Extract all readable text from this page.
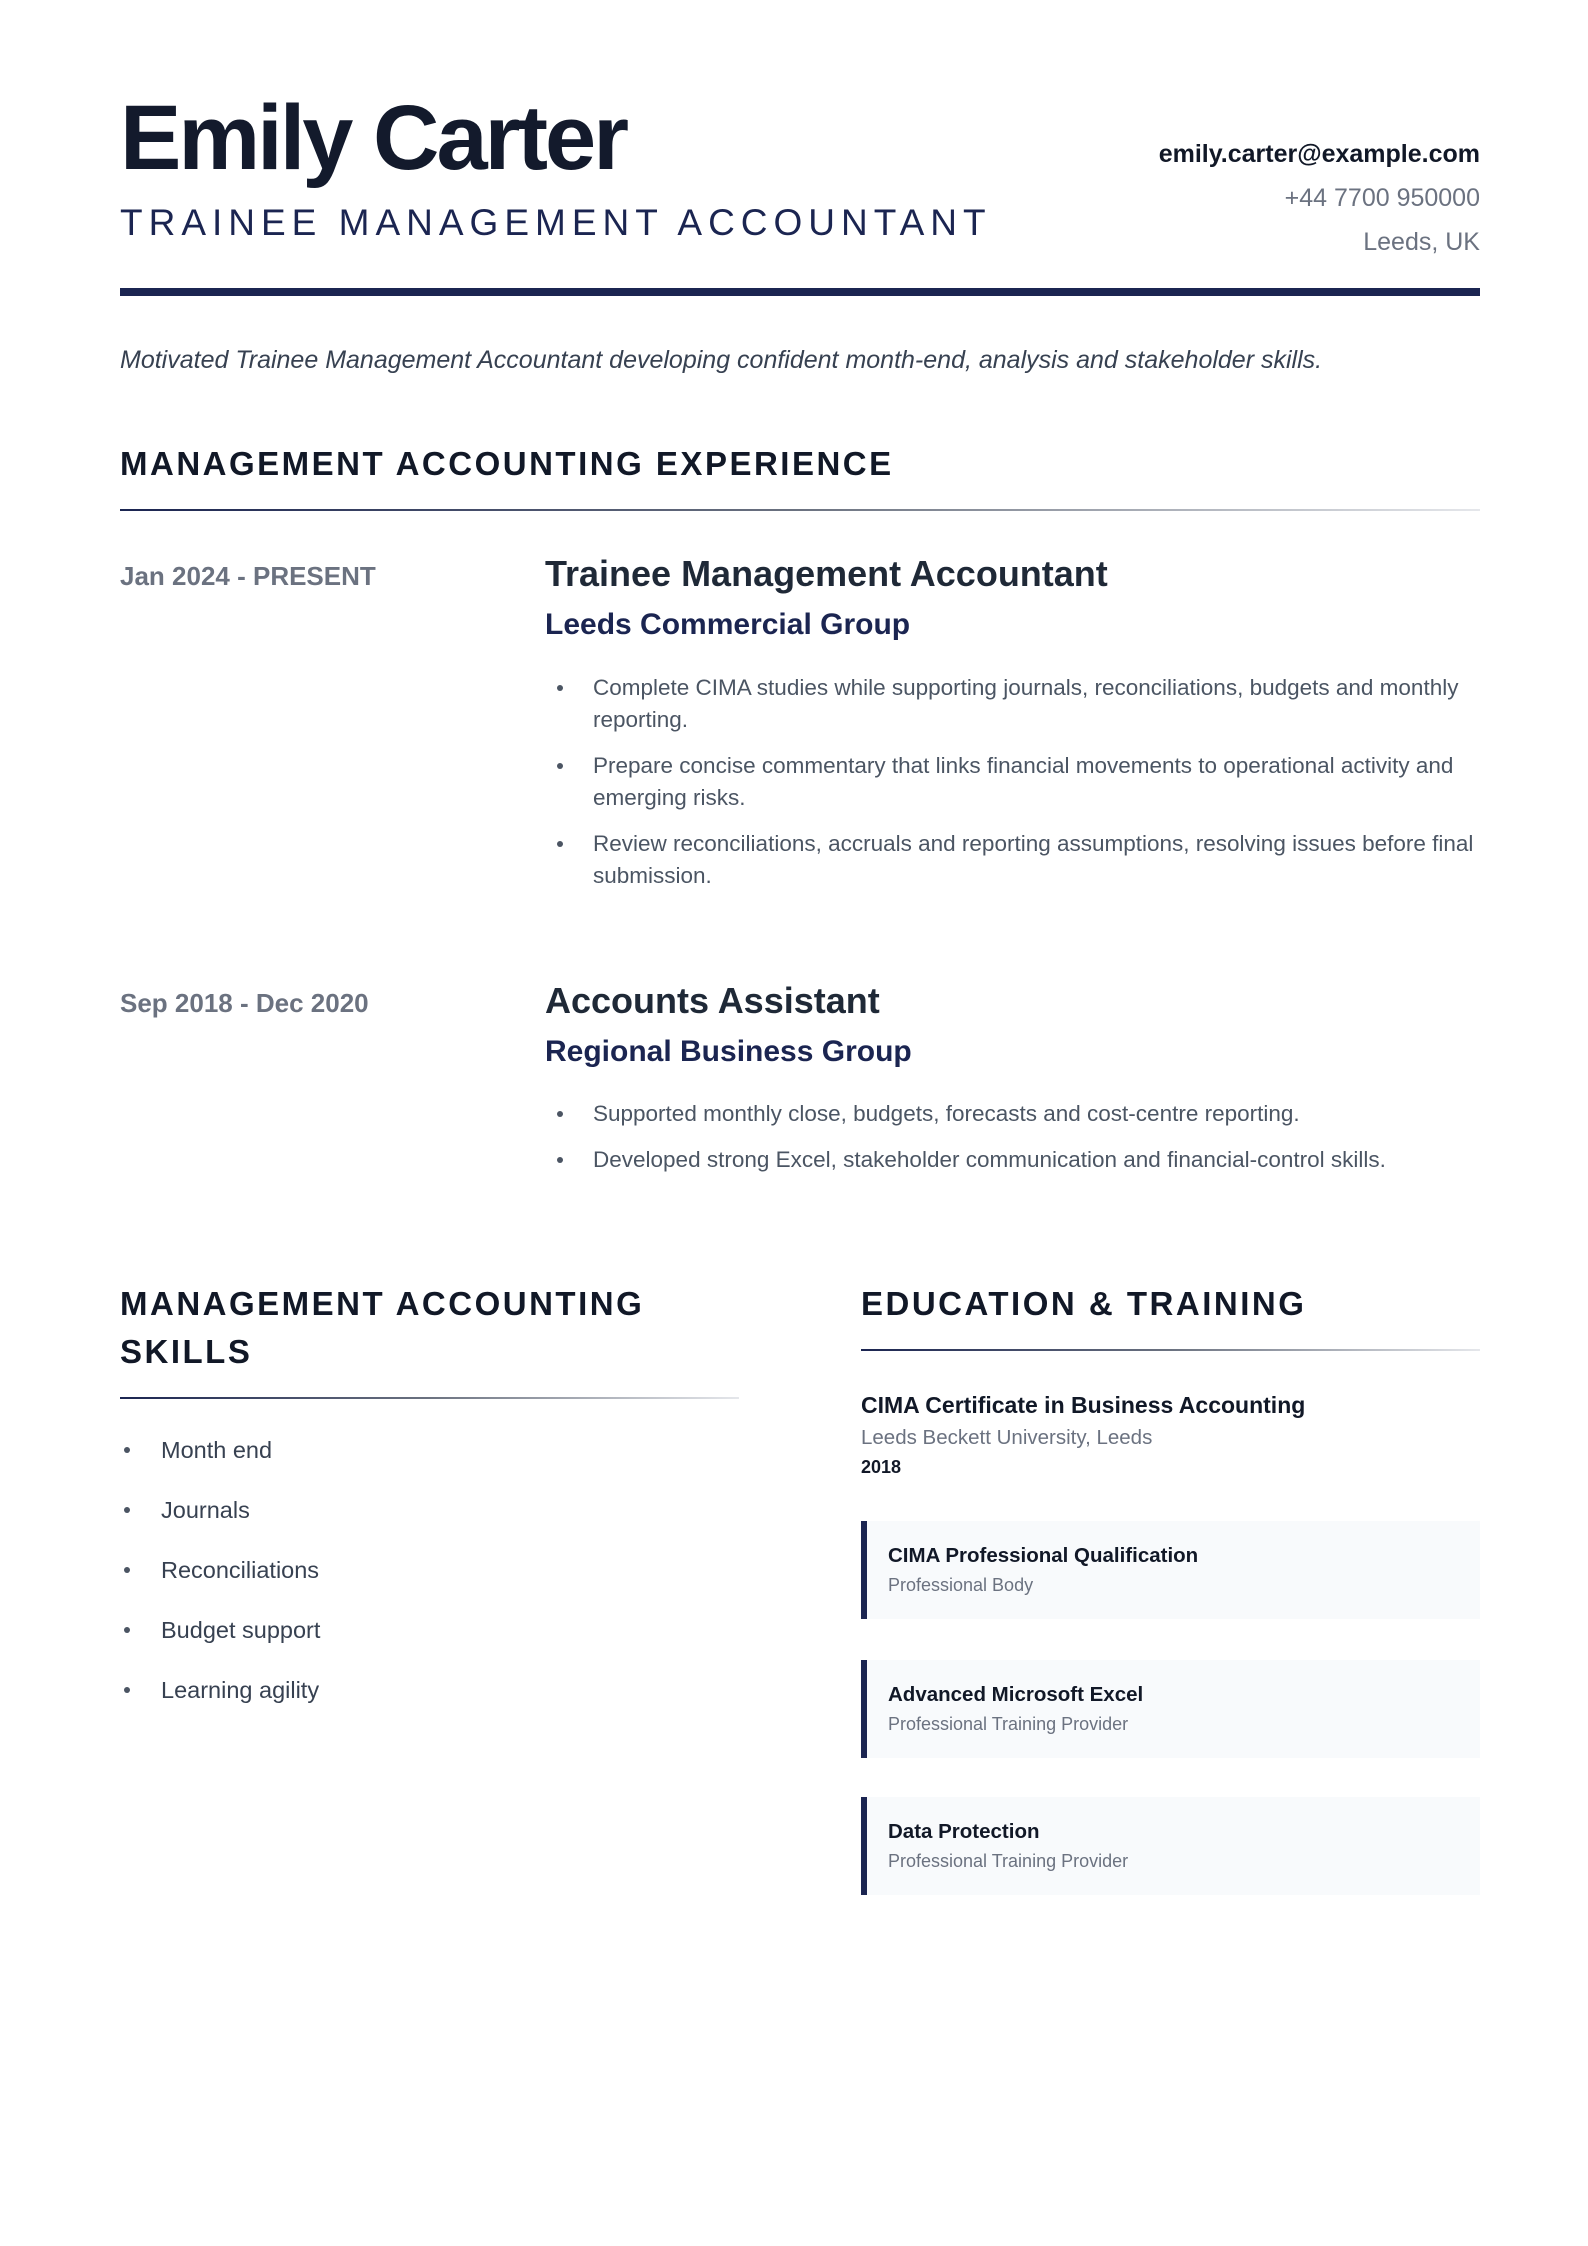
Emily Carter
TRAINEE MANAGEMENT ACCOUNTANT
emily.carter@example.com
+44 7700 950000
Leeds, UK
Motivated Trainee Management Accountant developing confident month-end, analysis and stakeholder skills.
MANAGEMENT ACCOUNTING EXPERIENCE
Jan 2024 - PRESENT	Trainee Management Accountant
Leeds Commercial Group
Complete CIMA studies while supporting journals, reconciliations, budgets and monthly reporting.
Prepare concise commentary that links financial movements to operational activity and emerging risks.
Review reconciliations, accruals and reporting assumptions, resolving issues before final submission.
Sep 2018 - Dec 2020	Accounts Assistant
Regional Business Group
Supported monthly close, budgets, forecasts and cost-centre reporting.
Developed strong Excel, stakeholder communication and financial-control skills.
MANAGEMENT ACCOUNTING
SKILLS
Month end
Journals
Reconciliations
Budget support
Learning agility
EDUCATION & TRAINING
CIMA Certificate in Business Accounting
Leeds Beckett University, Leeds
2018
CIMA Professional Qualification
Professional Body
Advanced Microsoft Excel
Professional Training Provider
Data Protection
Professional Training Provider
